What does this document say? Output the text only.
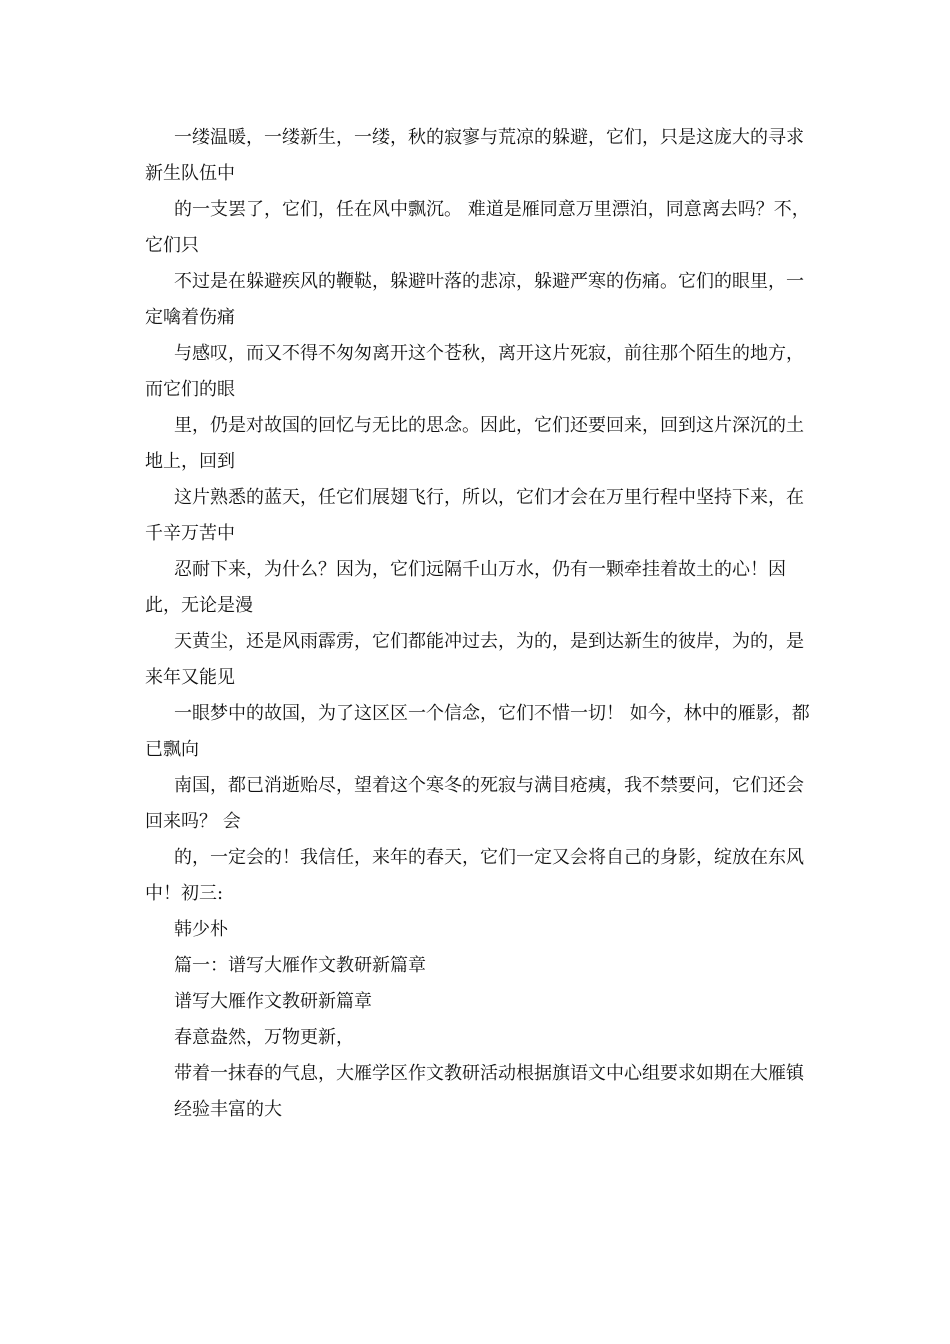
一缕温暖，一缕新生，一缕，秋的寂寥与荒凉的躲避，它们，只是这庞大的寻求新生队伍中

的一支罢了，它们，任在风中飘沉。 难道是雁同意万里漂泊，同意离去吗？不，它们只

不过是在躲避疾风的鞭鞑，躲避叶落的悲凉，躲避严寒的伤痛。它们的眼里，一定噙着伤痛

与感叹，而又不得不匆匆离开这个苍秋，离开这片死寂，前往那个陌生的地方，而它们的眼

里，仍是对故国的回忆与无比的思念。因此，它们还要回来，回到这片深沉的土地上，回到

这片熟悉的蓝天，任它们展翅飞行，所以，它们才会在万里行程中坚持下来，在千辛万苦中

忍耐下来，为什么？因为，它们远隔千山万水，仍有一颗牵挂着故土的心！因此，无论是漫

天黄尘，还是风雨霹雳，它们都能冲过去，为的，是到达新生的彼岸，为的，是来年又能见

一眼梦中的故国，为了这区区一个信念，它们不惜一切！ 如今，林中的雁影，都已飘向

南国，都已消逝贻尽，望着这个寒冬的死寂与满目疮痍，我不禁要问，它们还会回来吗？ 会

的，一定会的！我信任，来年的春天，它们一定又会将自己的身影，绽放在东风中！初三:

韩少朴

篇一：谱写大雁作文教研新篇章

谱写大雁作文教研新篇章

春意盎然，万物更新，

带着一抹春的气息，大雁学区作文教研活动根据旗语文中心组要求如期在大雁镇

经验丰富的大
